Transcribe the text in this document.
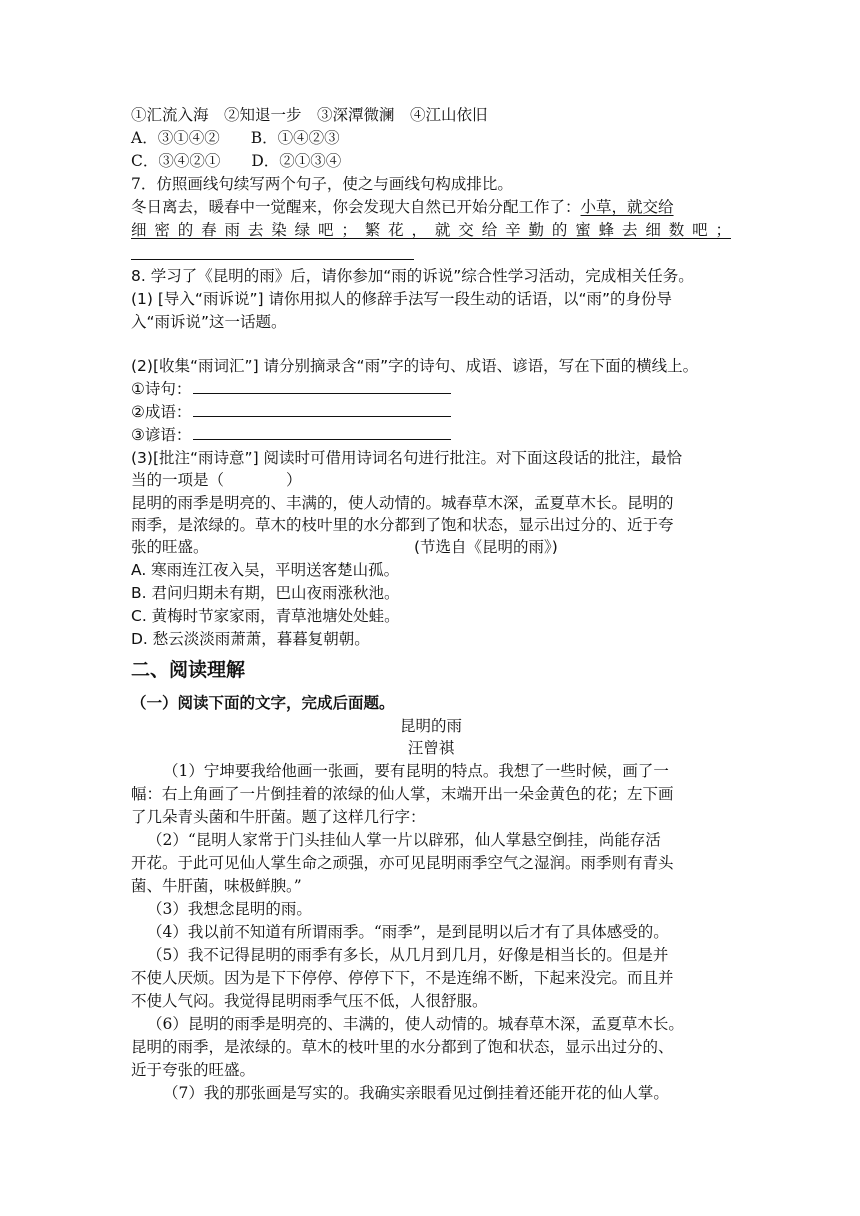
①汇流入海　②知退一步　③深潭微澜　④江山依旧
A．③①④②　　B．①④②③
C．③④②①　　D．②①③④
7．仿照画线句续写两个句子，使之与画线句构成排比。
冬日离去，暖春中一觉醒来，你会发现大自然已开始分配工作了：小草，就交给
细密的春雨去染绿吧；繁花，就交给辛勤的蜜蜂去细数吧；
8. 学习了《昆明的雨》后，请你参加“雨的诉说”综合性学习活动，完成相关任务。
(1) [导入“雨诉说”] 请你用拟人的修辞手法写一段生动的话语，以“雨”的身份导
入“雨诉说”这一话题。
(2)[收集“雨词汇”] 请分别摘录含“雨”字的诗句、成语、谚语，写在下面的横线上。
①诗句：
②成语：
③谚语：
(3)[批注“雨诗意”] 阅读时可借用诗词名句进行批注。对下面这段话的批注，最恰
当的一项是（　　　　）
昆明的雨季是明亮的、丰满的，使人动情的。城春草木深，孟夏草木长。昆明的
雨季，是浓绿的。草木的枝叶里的水分都到了饱和状态，显示出过分的、近于夸
张的旺盛。	(节选自《昆明的雨》)
A. 寒雨连江夜入吴，平明送客楚山孤。
B. 君问归期未有期，巴山夜雨涨秋池。
C. 黄梅时节家家雨，青草池塘处处蛙。
D. 愁云淡淡雨萧萧，暮暮复朝朝。
二、阅读理解
（一）阅读下面的文字，完成后面题。
昆明的雨
汪曾祺
（1）宁坤要我给他画一张画，要有昆明的特点。我想了一些时候，画了一
幅：右上角画了一片倒挂着的浓绿的仙人掌，末端开出一朵金黄色的花；左下画
了几朵青头菌和牛肝菌。题了这样几行字：
（2）“昆明人家常于门头挂仙人掌一片以辟邪，仙人掌悬空倒挂，尚能存活
开花。于此可见仙人掌生命之顽强，亦可见昆明雨季空气之湿润。雨季则有青头
菌、牛肝菌，味极鲜腴。”
（3）我想念昆明的雨。
（4）我以前不知道有所谓雨季。“雨季”，是到昆明以后才有了具体感受的。
（5）我不记得昆明的雨季有多长，从几月到几月，好像是相当长的。但是并
不使人厌烦。因为是下下停停、停停下下，不是连绵不断，下起来没完。而且并
不使人气闷。我觉得昆明雨季气压不低，人很舒服。
（6）昆明的雨季是明亮的、丰满的，使人动情的。城春草木深，孟夏草木长。
昆明的雨季，是浓绿的。草木的枝叶里的水分都到了饱和状态，显示出过分的、
近于夸张的旺盛。
（7）我的那张画是写实的。我确实亲眼看见过倒挂着还能开花的仙人掌。
